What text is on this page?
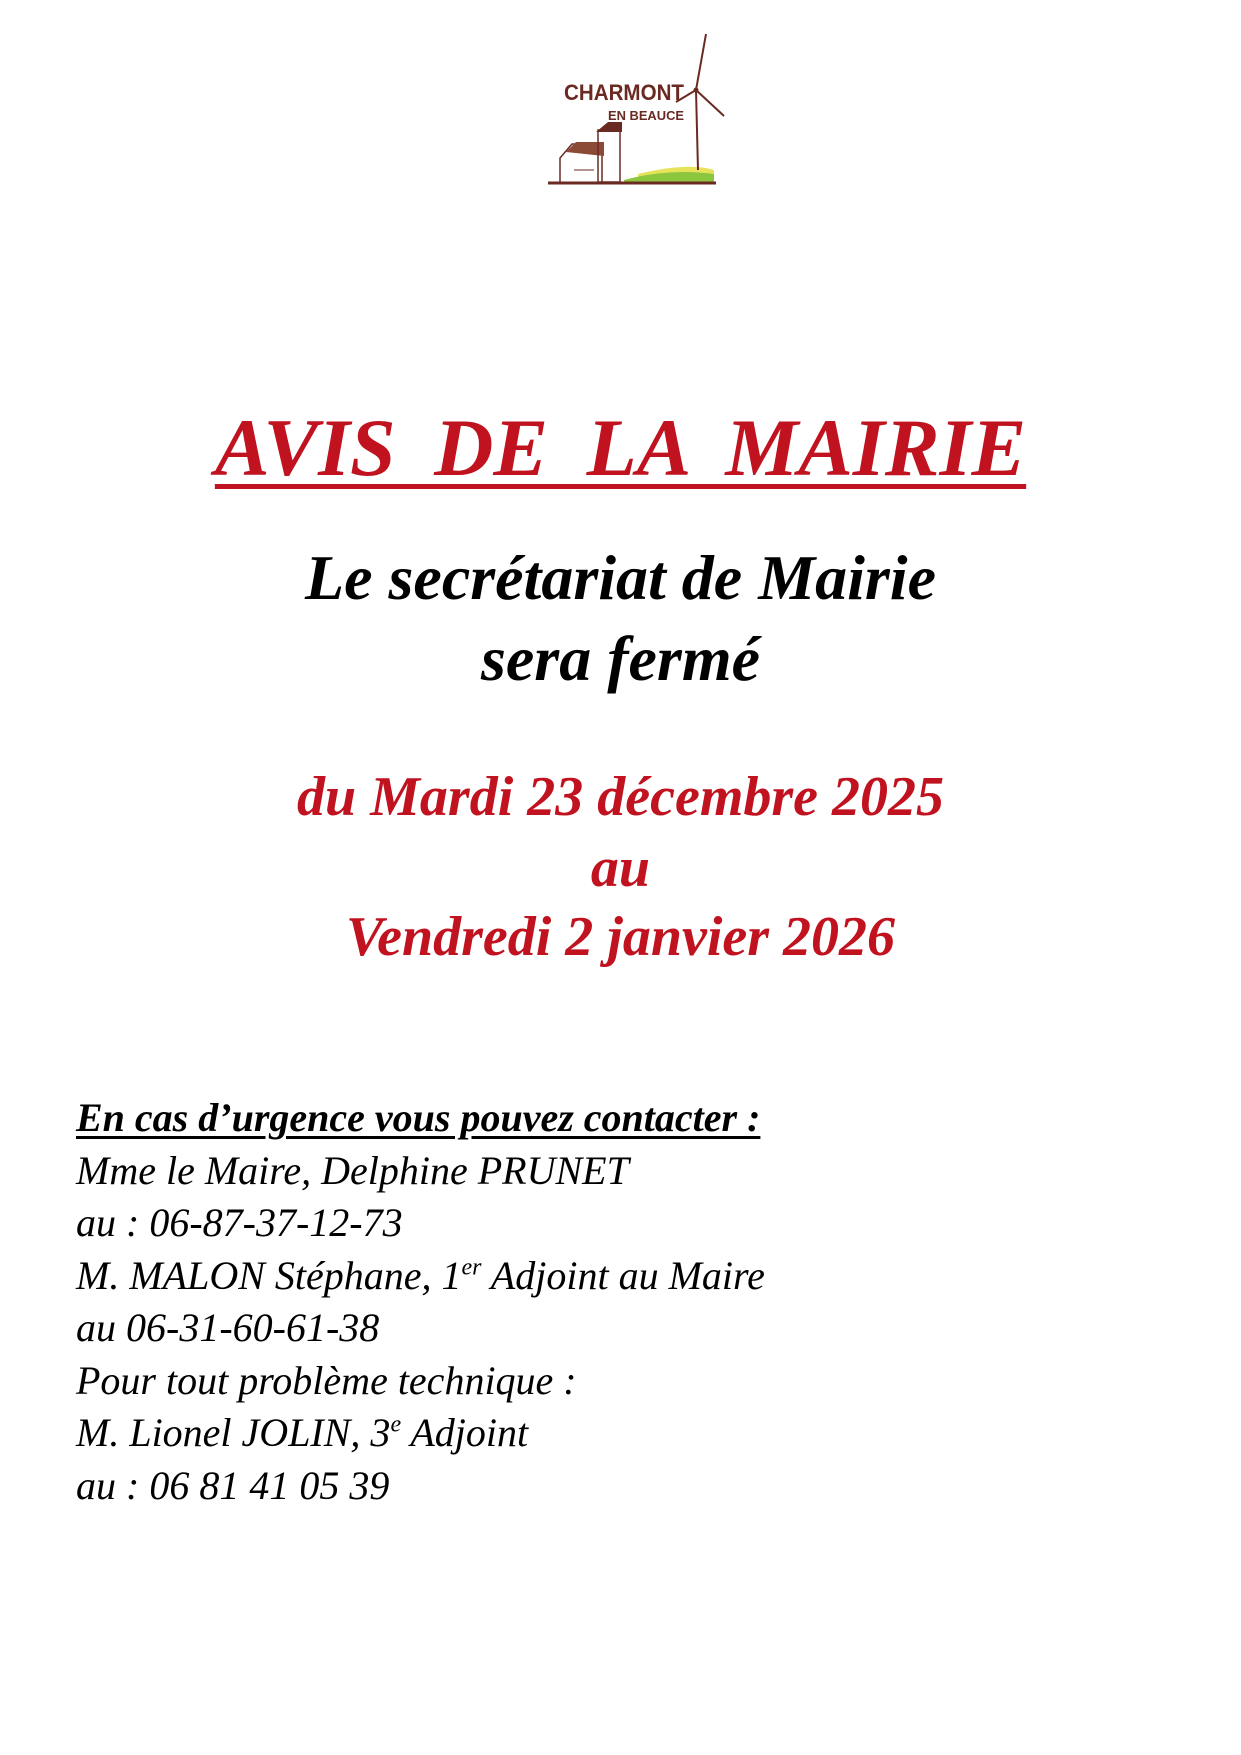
CHARMONT
EN BEAUCE
AVIS DE LA MAIRIE

Le secrétariat de Mairie

sera fermé

du Mardi 23 décembre 2025

au

Vendredi 2 janvier 2026

En cas d’urgence vous pouvez contacter :
Mme le Maire, Delphine PRUNET
au : 06-87-37-12-73
M. MALON Stéphane, 1er Adjoint au Maire
au 06-31-60-61-38
Pour tout problème technique :
M. Lionel JOLIN, 3e Adjoint
au : 06 81 41 05 39
